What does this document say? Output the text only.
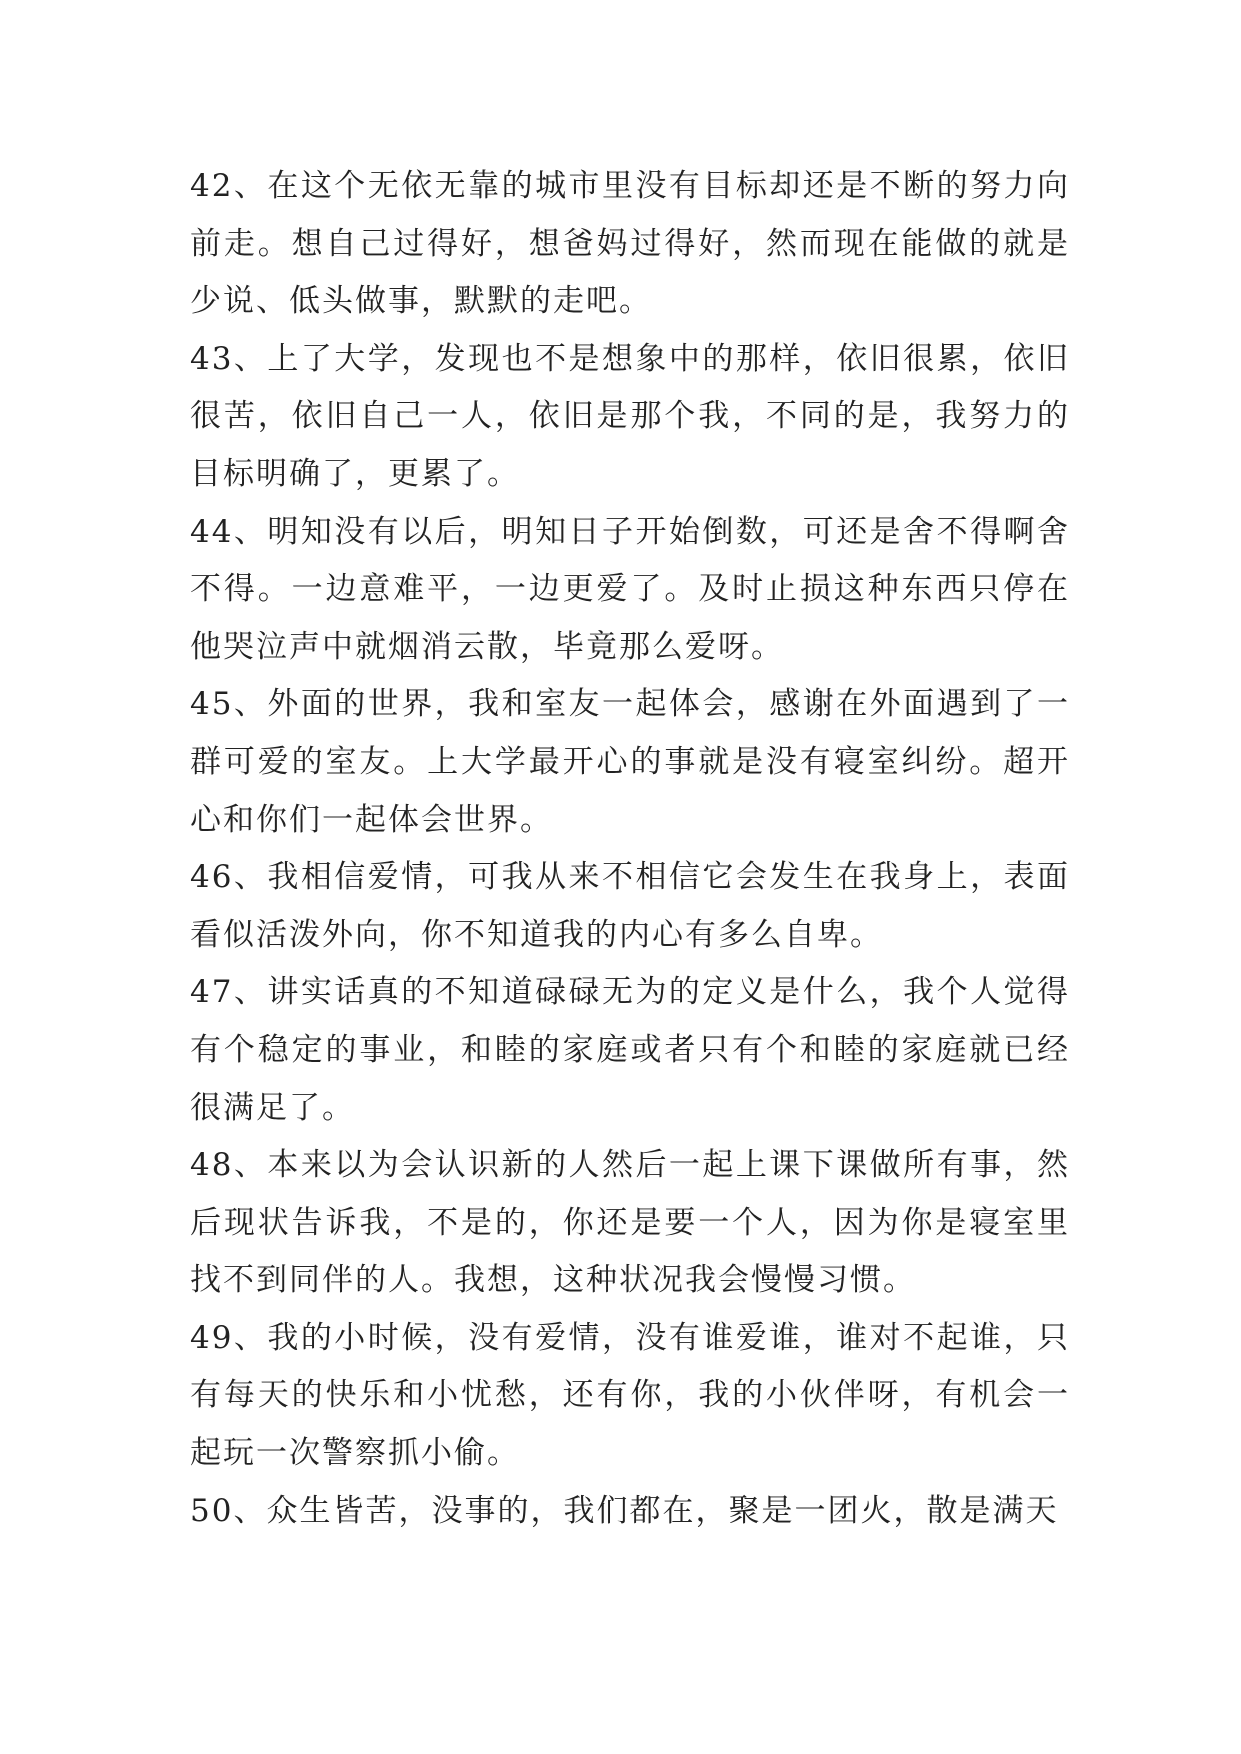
42、在这个无依无靠的城市里没有目标却还是不断的努力向前走。想自己过得好，想爸妈过得好，然而现在能做的就是少说、低头做事，默默的走吧。

43、上了大学，发现也不是想象中的那样，依旧很累，依旧很苦，依旧自己一人，依旧是那个我，不同的是，我努力的目标明确了，更累了。

44、明知没有以后，明知日子开始倒数，可还是舍不得啊舍不得。一边意难平，一边更爱了。及时止损这种东西只停在他哭泣声中就烟消云散，毕竟那么爱呀。

45、外面的世界，我和室友一起体会，感谢在外面遇到了一群可爱的室友。上大学最开心的事就是没有寝室纠纷。超开心和你们一起体会世界。

46、我相信爱情，可我从来不相信它会发生在我身上，表面看似活泼外向，你不知道我的内心有多么自卑。

47、讲实话真的不知道碌碌无为的定义是什么，我个人觉得有个稳定的事业，和睦的家庭或者只有个和睦的家庭就已经很满足了。

48、本来以为会认识新的人然后一起上课下课做所有事，然后现状告诉我，不是的，你还是要一个人，因为你是寝室里找不到同伴的人。我想，这种状况我会慢慢习惯。

49、我的小时候，没有爱情，没有谁爱谁，谁对不起谁，只有每天的快乐和小忧愁，还有你，我的小伙伴呀，有机会一起玩一次警察抓小偷。

50、众生皆苦，没事的，我们都在，聚是一团火，散是满天
